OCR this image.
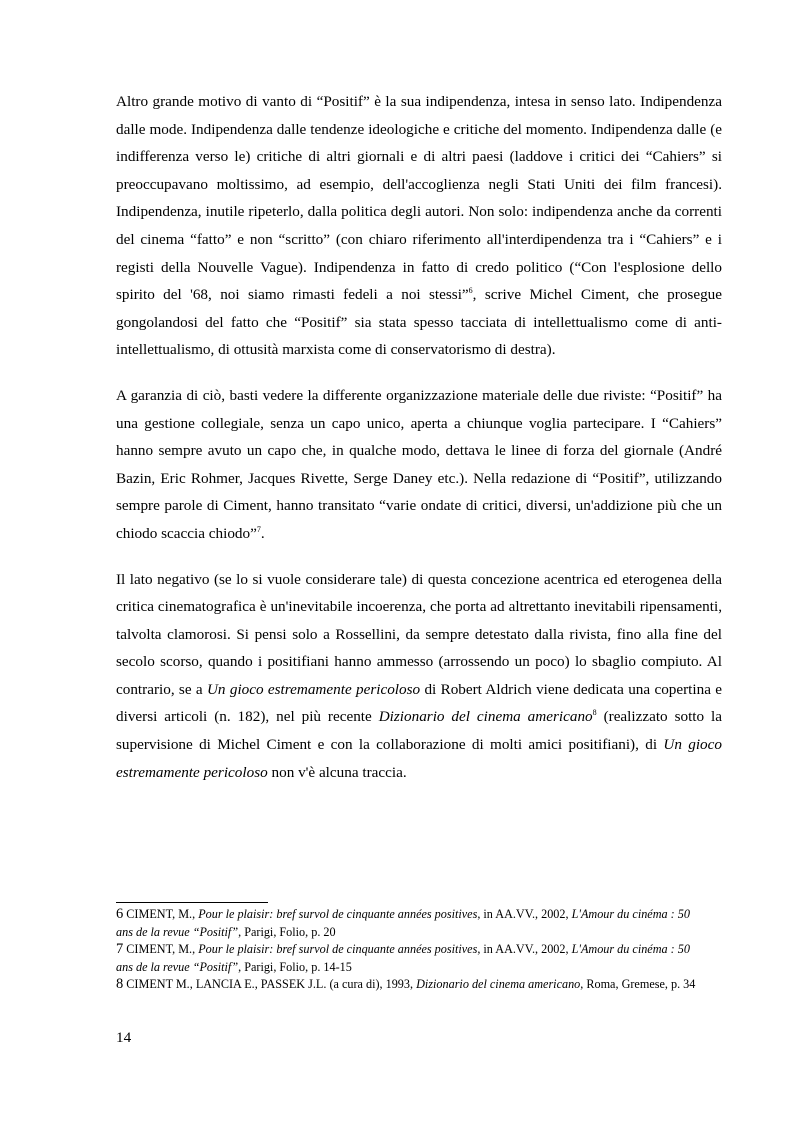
Altro grande motivo di vanto di “Positif” è la sua indipendenza, intesa in senso lato. Indipendenza dalle mode. Indipendenza dalle tendenze ideologiche e critiche del momento. Indipendenza dalle (e indifferenza verso le) critiche di altri giornali e di altri paesi (laddove i critici dei “Cahiers” si preoccupavano moltissimo, ad esempio, dell'accoglienza negli Stati Uniti dei film francesi). Indipendenza, inutile ripeterlo, dalla politica degli autori. Non solo: indipendenza anche da correnti del cinema “fatto” e non “scritto” (con chiaro riferimento all'interdipendenza tra i “Cahiers” e i registi della Nouvelle Vague). Indipendenza in fatto di credo politico (“Con l'esplosione dello spirito del '68, noi siamo rimasti fedeli a noi stessi”$^6$, scrive Michel Ciment, che prosegue gongolandosi del fatto che “Positif” sia stata spesso tacciata di intellettualismo come di anti-intellettualismo, di ottusità marxista come di conservatorismo di destra).

A garanzia di ciò, basti vedere la differente organizzazione materiale delle due riviste: “Positif” ha una gestione collegiale, senza un capo unico, aperta a chiunque voglia partecipare. I “Cahiers” hanno sempre avuto un capo che, in qualche modo, dettava le linee di forza del giornale (André Bazin, Eric Rohmer, Jacques Rivette, Serge Daney etc.). Nella redazione di “Positif”, utilizzando sempre parole di Ciment, hanno transitato “varie ondate di critici, diversi, un'addizione più che un chiodo scaccia chiodo”$^7$.

Il lato negativo (se lo si vuole considerare tale) di questa concezione acentrica ed eterogenea della critica cinematografica è un'inevitabile incoerenza, che porta ad altrettanto inevitabili ripensamenti, talvolta clamorosi. Si pensi solo a Rossellini, da sempre detestato dalla rivista, fino alla fine del secolo scorso, quando i positifiani hanno ammesso (arrossendo un poco) lo sbaglio compiuto. Al contrario, se a Un gioco estremamente pericoloso di Robert Aldrich viene dedicata una copertina e diversi articoli (n. 182), nel più recente Dizionario del cinema americano$^8$ (realizzato sotto la supervisione di Michel Ciment e con la collaborazione di molti amici positifiani), di Un gioco estremamente pericoloso non v'è alcuna traccia.

6 CIMENT, M., Pour le plaisir: bref survol de cinquante années positives, in AA.VV., 2002, L'Amour du cinéma : 50 ans de la revue “Positif”, Parigi, Folio, p. 20

7 CIMENT, M., Pour le plaisir: bref survol de cinquante années positives, in AA.VV., 2002, L'Amour du cinéma : 50 ans de la revue “Positif”, Parigi, Folio, p. 14-15

8 CIMENT M., LANCIA E., PASSEK J.L. (a cura di), 1993, Dizionario del cinema americano, Roma, Gremese, p. 34

14
